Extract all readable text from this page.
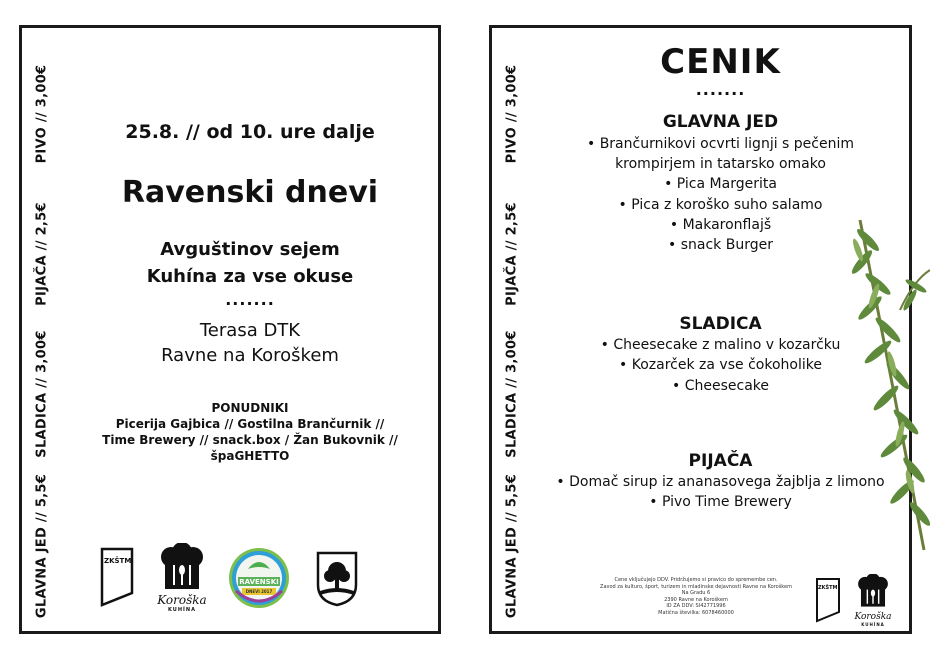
PIVO // 3,00€
PIJAČA // 2,5€
SLADICA // 3,00€
GLAVNA JED // 5,5€
25.8. // od 10. ure dalje
Ravenski dnevi
Avguštinov sejem
Kuhína za vse okuse
.......
Terasa DTK
Ravne na Koroškem
PONUDNIKI
Picerija Gajbica // Gostilna Brančurnik //
Time Brewery // snack.box / Žan Bukovnik //
špaGHETTO
ZKŠTM
Koroška
KUHÍNA
RAVENSKI
DNEVI 2017
PIVO // 3,00€
PIJAČA // 2,5€
SLADICA // 3,00€
GLAVNA JED // 5,5€
CENIK
.......
GLAVNA JED
• Brančurnikovi ocvrti lignji s pečenim
krompirjem in tatarsko omako
• Pica Margerita
• Pica z koroško suho salamo
• Makaronflajš
• snack Burger
SLADICA
• Cheesecake z malino v kozarčku
• Kozarček za vse čokoholike
• Cheesecake
PIJAČA
• Domač sirup iz ananasovega žajblja z limono
• Pivo Time Brewery
Cene vključujejo DDV. Pridržujemo si pravico do spremembe cen.
Zavod za kulturo, šport, turizem in mladinske dejavnosti Ravne na Koroškem
Na Gradu 6
2390 Ravne na Koroškem
ID ZA DDV: SI42771996
Matična številka: 6078460000
ZKŠTM
Koroška
KUHÍNA
